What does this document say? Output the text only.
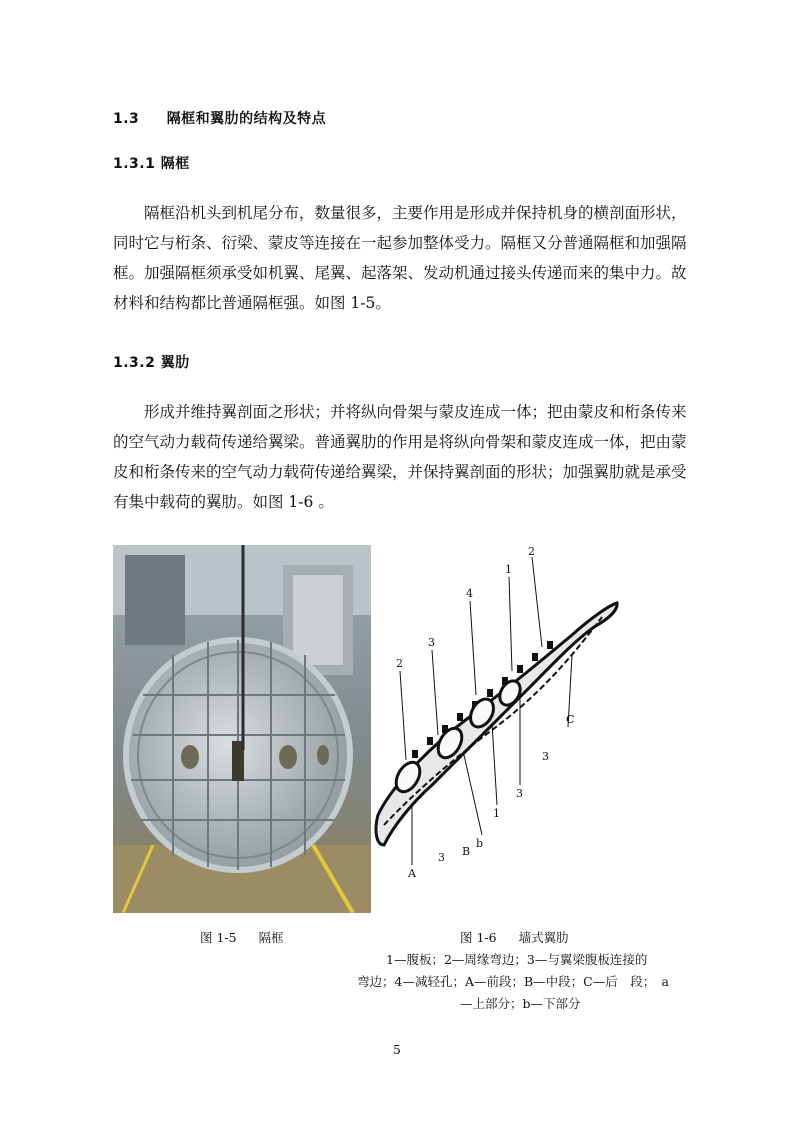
1.3 隔框和翼肋的结构及特点
1.3.1 隔框
隔框沿机头到机尾分布，数量很多，主要作用是形成并保持机身的横剖面形状，
同时它与桁条、衍梁、蒙皮等连接在一起参加整体受力。隔框又分普通隔框和加强隔
框。加强隔框须承受如机翼、尾翼、起落架、发动机通过接头传递而来的集中力。故
材料和结构都比普通隔框强。如图 1-5。
1.3.2 翼肋
形成并维持翼剖面之形状；并将纵向骨架与蒙皮连成一体；把由蒙皮和桁条传来
的空气动力载荷传递给翼梁。普通翼肋的作用是将纵向骨架和蒙皮连成一体，把由蒙
皮和桁条传来的空气动力载荷传递给翼梁，并保持翼剖面的形状；加强翼肋就是承受
有集中载荷的翼肋。如图 1-6 。
2
3
4
1
2
3
C
3
1
b
B
3
A
图 1-5 隔框	图 1-6 墙式翼肋
1—腹板；2—周缘弯边；3—与翼梁腹板连接的
弯边；4—减轻孔；A—前段；B—中段；C—后　段；　a
—上部分；b—下部分
5
